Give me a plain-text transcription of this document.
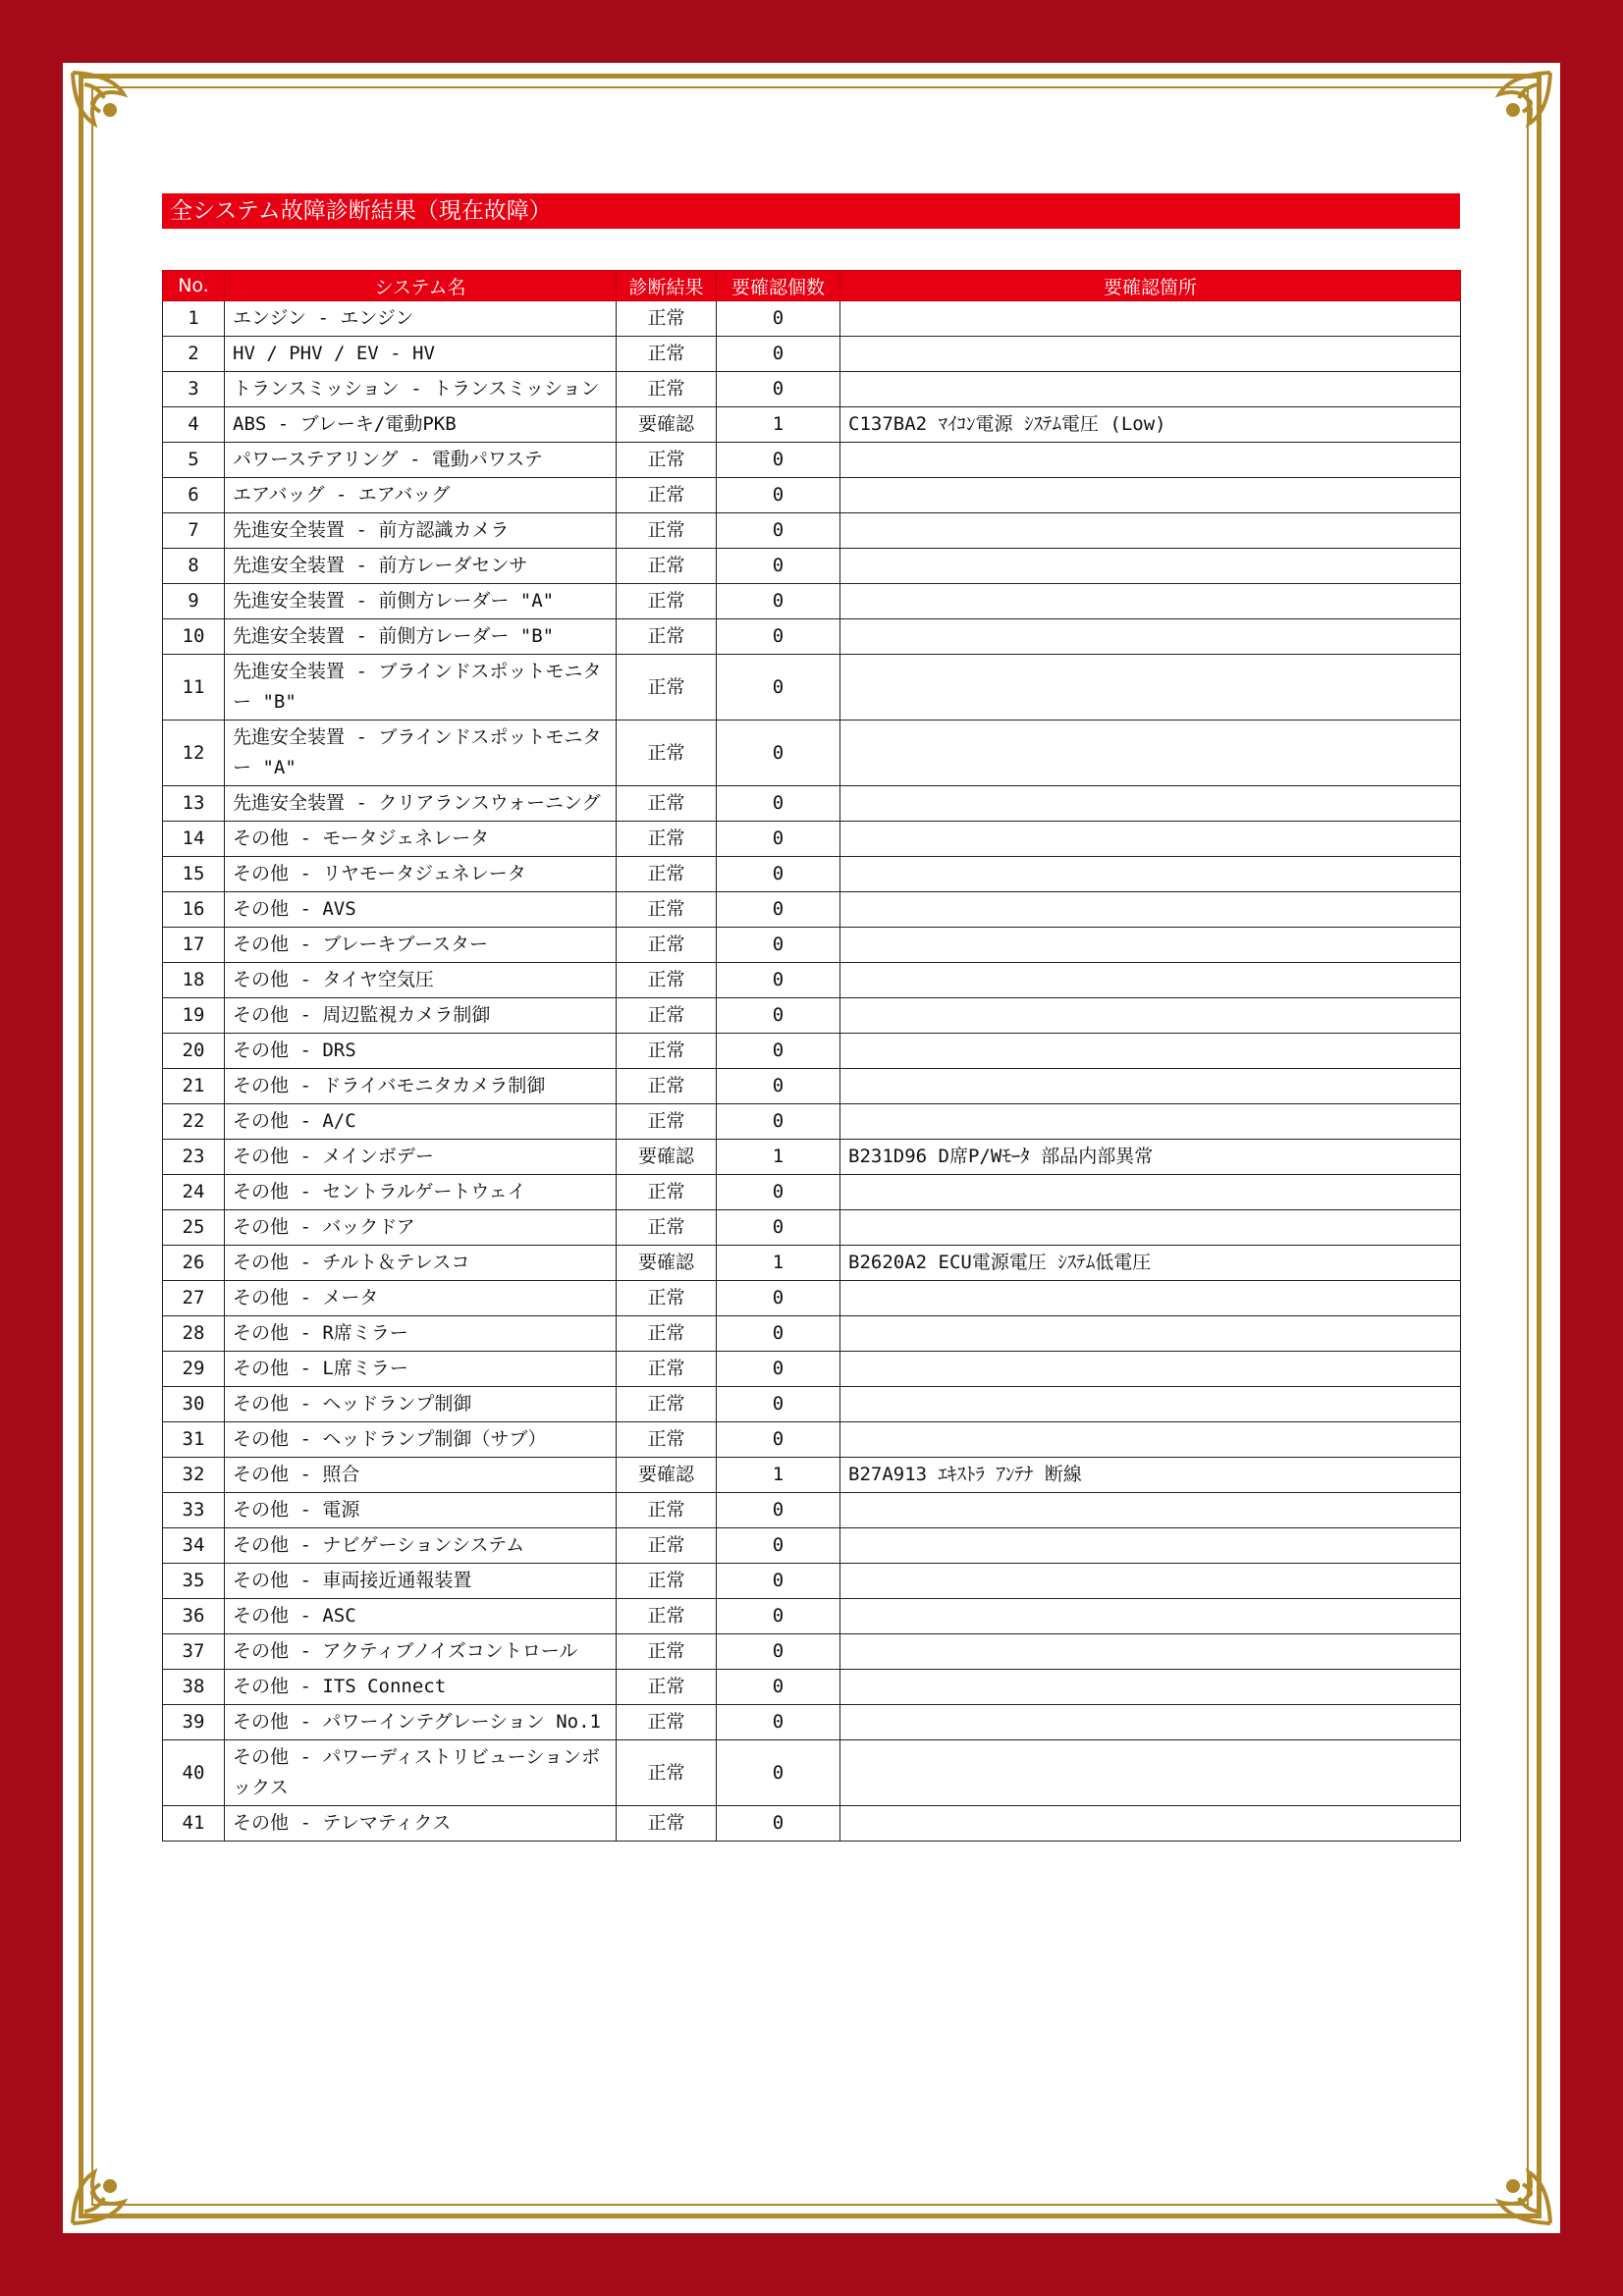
全システム故障診断結果（現在故障）
No.	システム名	診断結果	要確認個数	要確認箇所
1	エンジン - エンジン	正常	0	
2	HV / PHV / EV - HV	正常	0	
3	トランスミッション - トランスミッション	正常	0	
4	ABS - ブレーキ/電動PKB	要確認	1	C137BA2 ﾏｲｺﾝ電源 ｼｽﾃﾑ電圧 (Low)
5	パワーステアリング - 電動パワステ	正常	0	
6	エアバッグ - エアバッグ	正常	0	
7	先進安全装置 - 前方認識カメラ	正常	0	
8	先進安全装置 - 前方レーダセンサ	正常	0	
9	先進安全装置 - 前側方レーダー "A"	正常	0	
10	先進安全装置 - 前側方レーダー "B"	正常	0	
11	先進安全装置 - ブラインドスポットモニター "B"	正常	0	
12	先進安全装置 - ブラインドスポットモニター "A"	正常	0	
13	先進安全装置 - クリアランスウォーニング	正常	0	
14	その他 - モータジェネレータ	正常	0	
15	その他 - リヤモータジェネレータ	正常	0	
16	その他 - AVS	正常	0	
17	その他 - ブレーキブースター	正常	0	
18	その他 - タイヤ空気圧	正常	0	
19	その他 - 周辺監視カメラ制御	正常	0	
20	その他 - DRS	正常	0	
21	その他 - ドライバモニタカメラ制御	正常	0	
22	その他 - A/C	正常	0	
23	その他 - メインボデー	要確認	1	B231D96 D席P/Wﾓｰﾀ 部品内部異常
24	その他 - セントラルゲートウェイ	正常	0	
25	その他 - バックドア	正常	0	
26	その他 - チルト＆テレスコ	要確認	1	B2620A2 ECU電源電圧 ｼｽﾃﾑ低電圧
27	その他 - メータ	正常	0	
28	その他 - R席ミラー	正常	0	
29	その他 - L席ミラー	正常	0	
30	その他 - ヘッドランプ制御	正常	0	
31	その他 - ヘッドランプ制御（サブ）	正常	0	
32	その他 - 照合	要確認	1	B27A913 ｴｷｽﾄﾗ ｱﾝﾃﾅ 断線
33	その他 - 電源	正常	0	
34	その他 - ナビゲーションシステム	正常	0	
35	その他 - 車両接近通報装置	正常	0	
36	その他 - ASC	正常	0	
37	その他 - アクティブノイズコントロール	正常	0	
38	その他 - ITS Connect	正常	0	
39	その他 - パワーインテグレーション No.1	正常	0	
40	その他 - パワーディストリビューションボックス	正常	0	
41	その他 - テレマティクス	正常	0	
